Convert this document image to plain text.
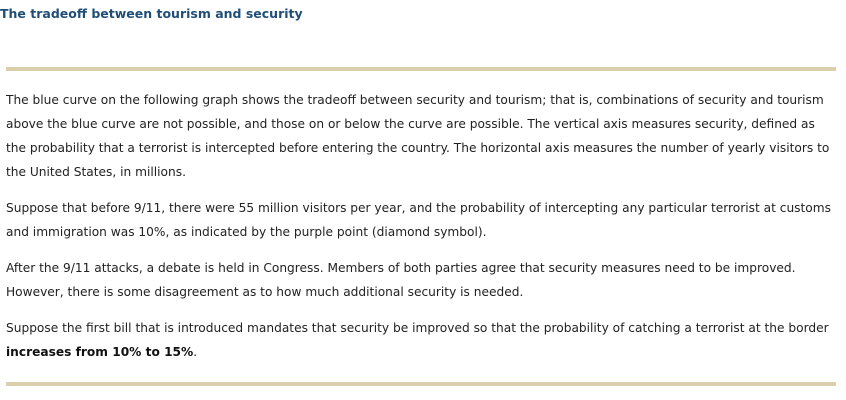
The tradeoff between tourism and security

The blue curve on the following graph shows the tradeoff between security and tourism; that is, combinations of security and tourism above the blue curve are not possible, and those on or below the curve are possible. The vertical axis measures security, defined as the probability that a terrorist is intercepted before entering the country. The horizontal axis measures the number of yearly visitors to the United States, in millions.

Suppose that before 9/11, there were 55 million visitors per year, and the probability of intercepting any particular terrorist at customs and immigration was 10%, as indicated by the purple point (diamond symbol).

After the 9/11 attacks, a debate is held in Congress. Members of both parties agree that security measures need to be improved. However, there is some disagreement as to how much additional security is needed.

Suppose the first bill that is introduced mandates that security be improved so that the probability of catching a terrorist at the border increases from 10% to 15%.
